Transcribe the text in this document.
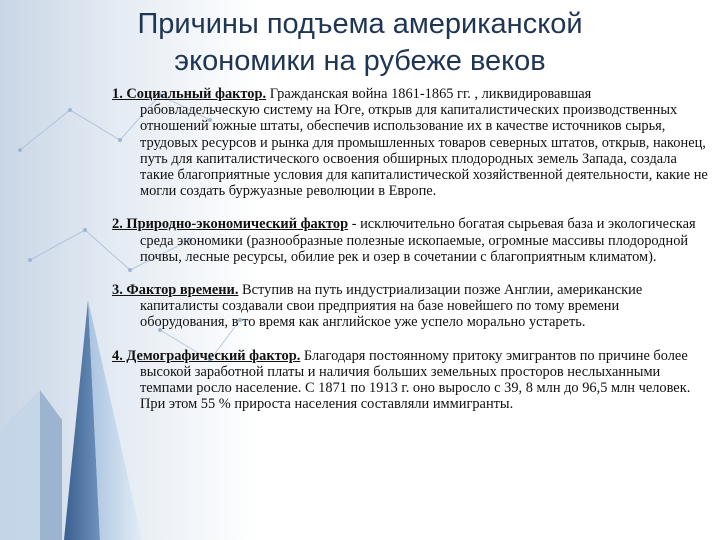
Причины подъема американской
экономики на рубеже веков

1. Социальный фактор. Гражданская война 1861-1865 гг. , ликвидировавшая рабовладельческую систему на Юге, открыв для капиталистических производственных отношений южные штаты, обеспечив использование их в качестве источников сырья, трудовых ресурсов и рынка для промышленных товаров северных штатов, открыв, наконец, путь для капиталистического освоения обширных плодородных земель Запада, создала такие благоприятные условия для капиталистической хозяйственной деятельности, какие не могли создать буржуазные революции в Европе.

2. Природно-экономический фактор - исключительно богатая сырьевая база и экологическая среда экономики (разнообразные полезные ископаемые, огромные массивы плодородной почвы, лесные ресурсы, обилие рек и озер в сочетании с благоприятным климатом).

3. Фактор времени. Вступив на путь индустриализации позже Англии, американские капиталисты создавали свои предприятия на базе новейшего по тому времени оборудования, в то время как английское уже успело морально устареть.

4. Демографический фактор. Благодаря постоянному притоку эмигрантов по причине более высокой заработной платы и наличия больших земельных просторов неслыханными темпами росло население. С 1871 по 1913 г. оно выросло с 39, 8 млн до 96,5 млн человек. При этом 55 % прироста населения составляли иммигранты.
